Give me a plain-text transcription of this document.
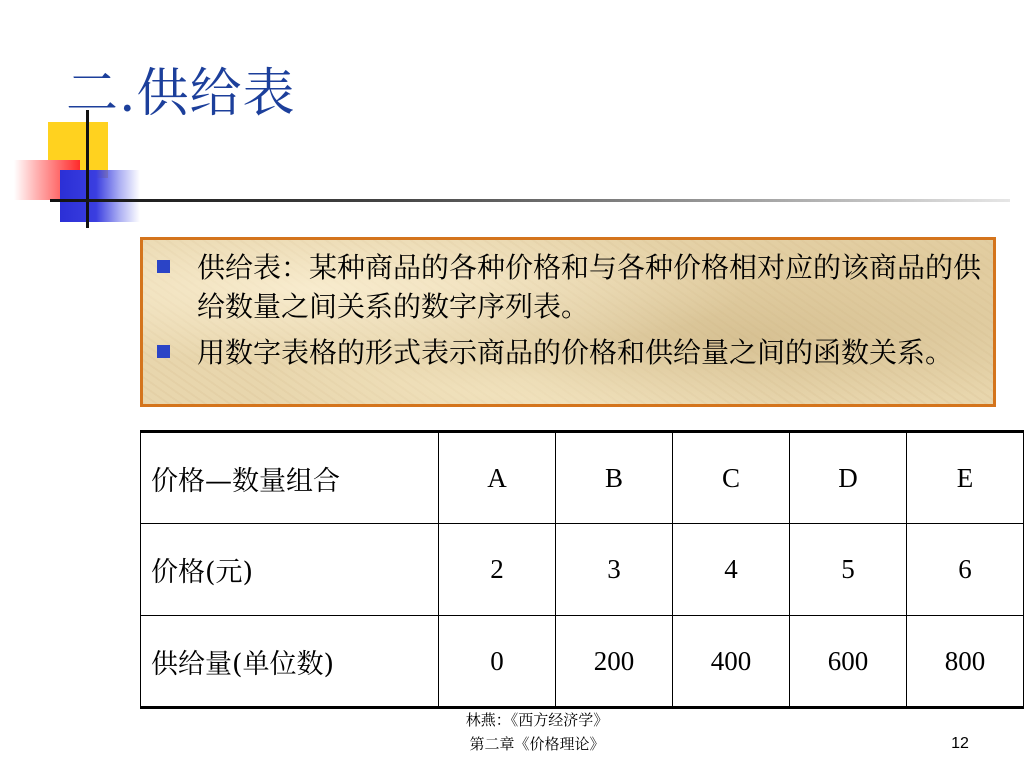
二.供给表
供给表：某种商品的各种价格和与各种价格相对应的该商品的供给数量之间关系的数字序列表。
用数字表格的形式表示商品的价格和供给量之间的函数关系。
价格—数量组合	A	B	C	D	E
价格(元)	2	3	4	5	6
供给量(单位数)	0	200	400	600	800
林燕：《西方经济学》
第二章《价格理论》	12
